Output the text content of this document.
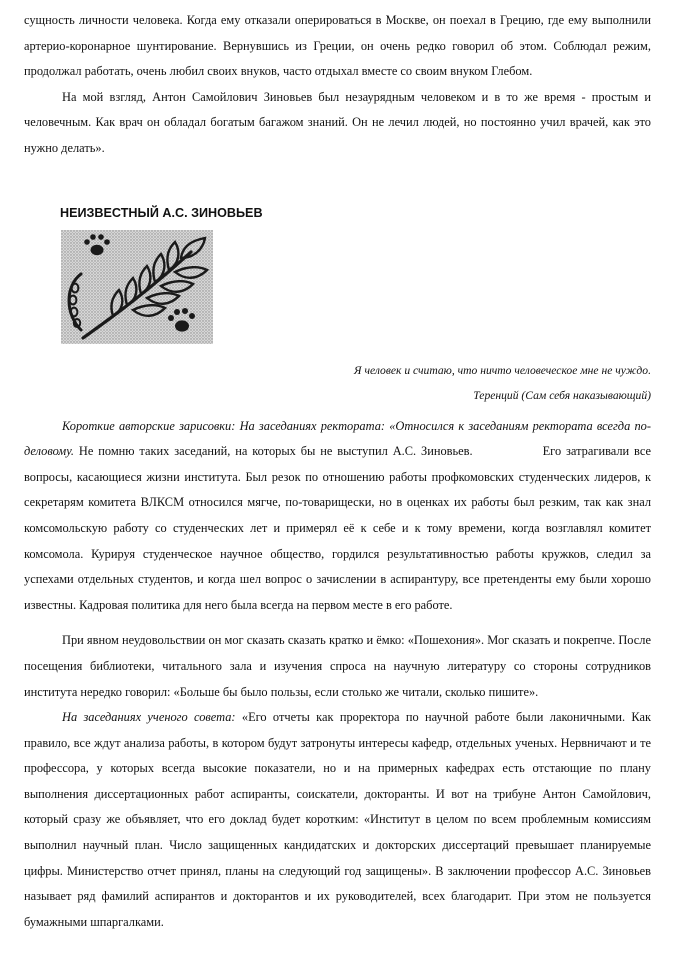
сущность личности человека. Когда ему отказали оперироваться в Москве, он поехал в Грецию, где ему выполнили артерио-коронарное шунтирование. Вернувшись из Греции, он очень редко говорил об этом. Соблюдал режим, продолжал работать, очень любил своих внуков, часто отдыхал вместе со своим внуком Глебом.

На мой взгляд, Антон Самойлович Зиновьев был незаурядным человеком и в то же время - простым и человечным. Как врач он обладал богатым багажом знаний. Он не лечил людей, но постоянно учил врачей, как это нужно делать».

НЕИЗВЕСТНЫЙ А.С. ЗИНОВЬЕВ
Я человек и считаю, что ничто человеческое мне не чуждо.
Теренций (Сам себя наказывающий)

Короткие авторские зарисовки: На заседаниях ректората: «Относился к заседаниям ректората всегда по-деловому. Не помню таких заседаний, на которых бы не выступил А.С. Зиновьев.	Его затрагивали все вопросы, касающиеся жизни института. Был резок по отношению работы профкомовских студенческих лидеров, к секретарям комитета ВЛКСМ относился мягче, по-товарищески, но в оценках их работы был резким, так как знал комсомольскую работу со студенческих лет и примерял её к себе и к тому времени, когда возглавлял комитет комсомола. Курируя студенческое научное общество, гордился результативностью работы кружков, следил за успехами отдельных студентов, и когда шел вопрос о зачислении в аспирантуру, все претенденты ему были хорошо известны. Кадровая политика для него была всегда на первом месте в его работе.

При явном неудовольствии он мог сказать сказать кратко и ёмко: «Пошехония». Мог сказать и покрепче. После посещения библиотеки, читального зала и изучения спроса на научную литературу со стороны сотрудников института нередко говорил: «Больше бы было пользы, если столько же читали, сколько пишите».

На заседаниях ученого совета: «Его отчеты как проректора по научной работе были лаконичными. Как правило, все ждут анализа работы, в котором будут затронуты интересы кафедр, отдельных ученых. Нервничают и те профессора, у которых всегда высокие показатели, но и на примерных кафедрах есть отстающие по плану выполнения диссертационных работ аспиранты, соискатели, докторанты. И вот на трибуне Антон Самойлович, который сразу же объявляет, что его доклад будет коротким: «Институт в целом по всем проблемным комиссиям выполнил научный план. Число защищенных кандидатских и докторских диссертаций превышает планируемые цифры. Министерство отчет принял, планы на следующий год защищены». В заключении профессор А.С. Зиновьев называет ряд фамилий аспирантов и докторантов и их руководителей, всех благодарит. При этом не пользуется бумажными шпаргалками.
